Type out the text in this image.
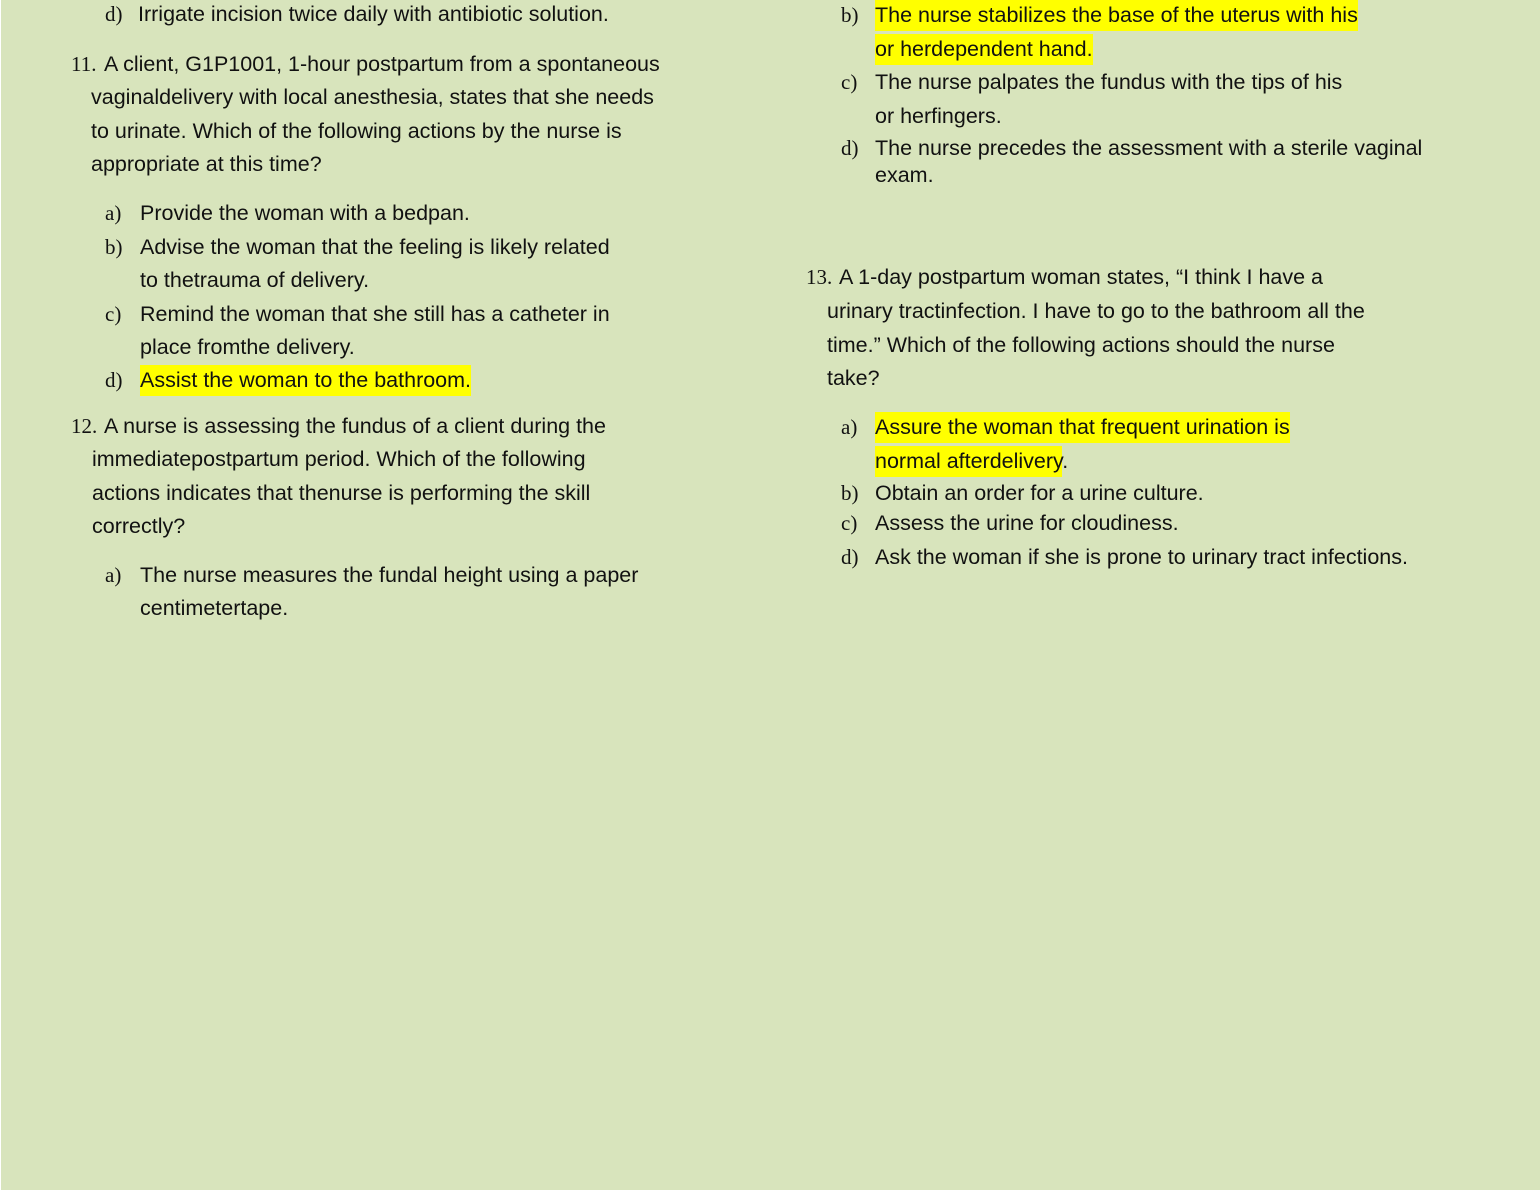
d) Irrigate incision twice daily with antibiotic solution.
11. A client, G1P1001, 1-hour postpartum from a spontaneous
vaginaldelivery with local anesthesia, states that she needs
to urinate. Which of the following actions by the nurse is
appropriate at this time?
a) Provide the woman with a bedpan.
b) Advise the woman that the feeling is likely related
to thetrauma of delivery.
c) Remind the woman that she still has a catheter in
place fromthe delivery.
d) Assist the woman to the bathroom.
12. A nurse is assessing the fundus of a client during the
immediatepostpartum period. Which of the following
actions indicates that thenurse is performing the skill
correctly?
a) The nurse measures the fundal height using a paper
centimetertape.
b) The nurse stabilizes the base of the uterus with his
or herdependent hand.
c) The nurse palpates the fundus with the tips of his
or herfingers.
d) The nurse precedes the assessment with a sterile vaginal
exam.
13. A 1-day postpartum woman states, “I think I have a
urinary tractinfection. I have to go to the bathroom all the
time.” Which of the following actions should the nurse
take?
a) Assure the woman that frequent urination is
normal afterdelivery.
b) Obtain an order for a urine culture.
c) Assess the urine for cloudiness.
d) Ask the woman if she is prone to urinary tract infections.
